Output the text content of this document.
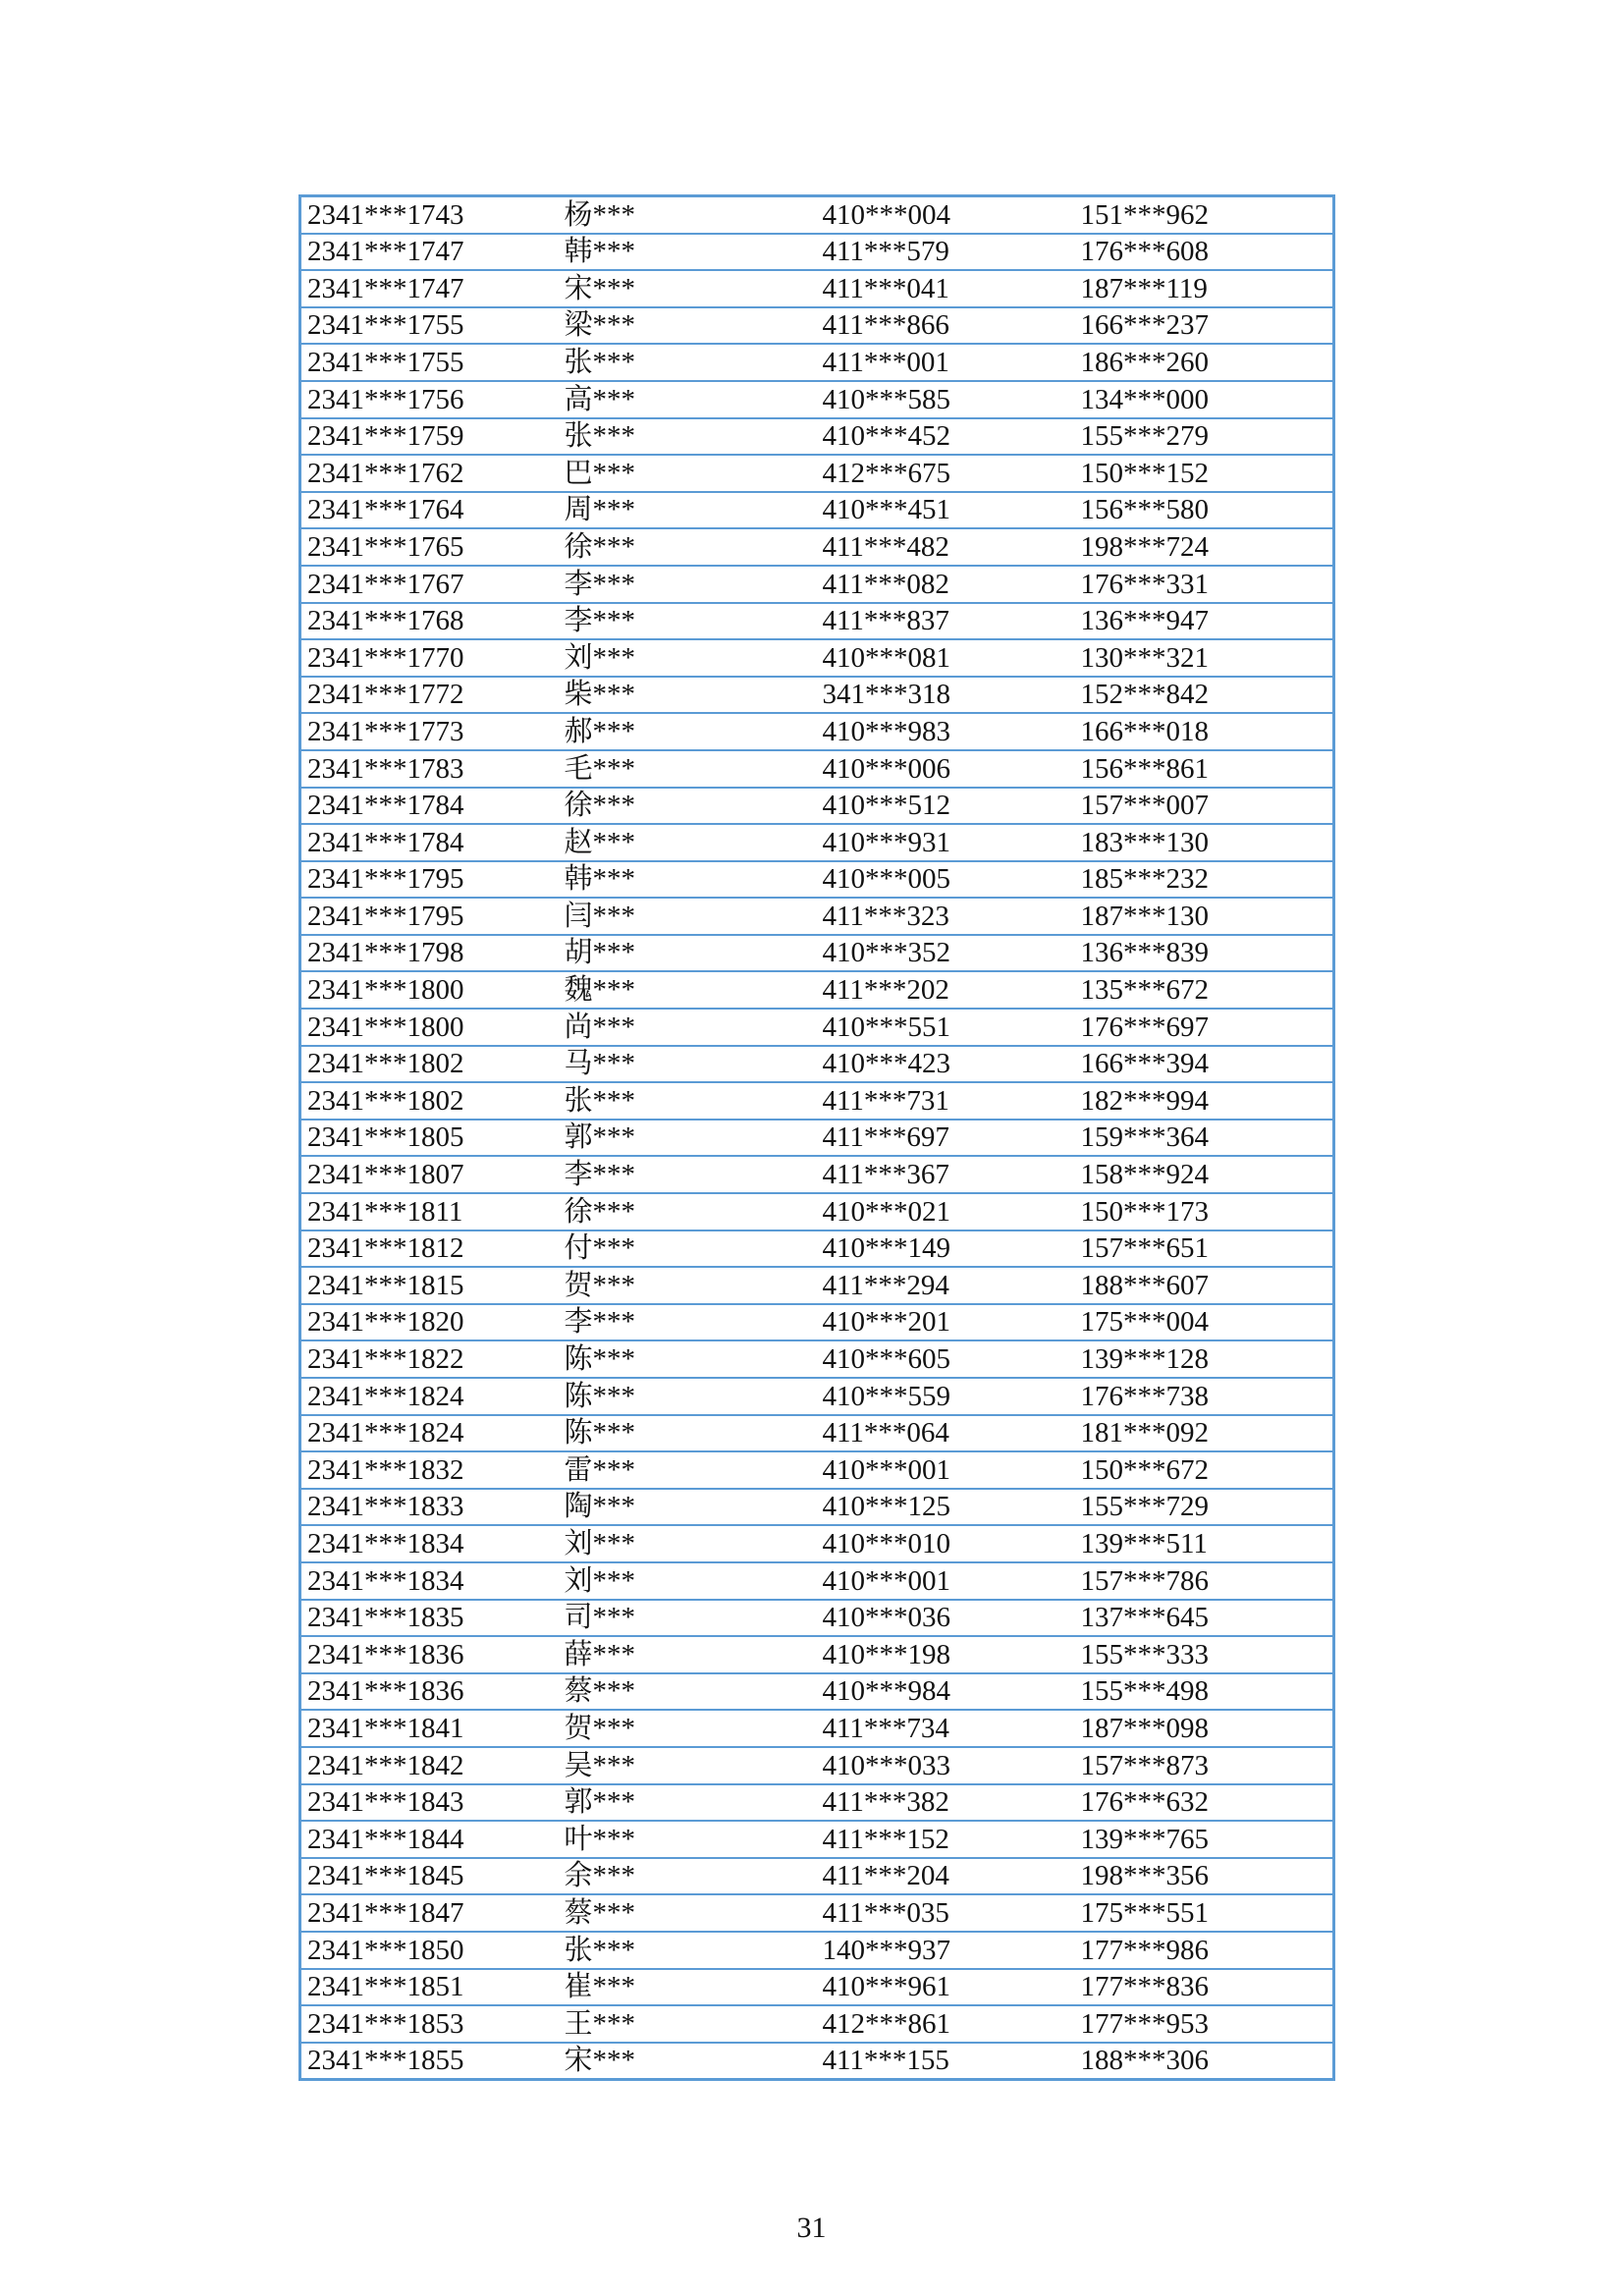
2341***1743	杨***	410***004	151***962
2341***1747	韩***	411***579	176***608
2341***1747	宋***	411***041	187***119
2341***1755	梁***	411***866	166***237
2341***1755	张***	411***001	186***260
2341***1756	高***	410***585	134***000
2341***1759	张***	410***452	155***279
2341***1762	巴***	412***675	150***152
2341***1764	周***	410***451	156***580
2341***1765	徐***	411***482	198***724
2341***1767	李***	411***082	176***331
2341***1768	李***	411***837	136***947
2341***1770	刘***	410***081	130***321
2341***1772	柴***	341***318	152***842
2341***1773	郝***	410***983	166***018
2341***1783	毛***	410***006	156***861
2341***1784	徐***	410***512	157***007
2341***1784	赵***	410***931	183***130
2341***1795	韩***	410***005	185***232
2341***1795	闫***	411***323	187***130
2341***1798	胡***	410***352	136***839
2341***1800	魏***	411***202	135***672
2341***1800	尚***	410***551	176***697
2341***1802	马***	410***423	166***394
2341***1802	张***	411***731	182***994
2341***1805	郭***	411***697	159***364
2341***1807	李***	411***367	158***924
2341***1811	徐***	410***021	150***173
2341***1812	付***	410***149	157***651
2341***1815	贺***	411***294	188***607
2341***1820	李***	410***201	175***004
2341***1822	陈***	410***605	139***128
2341***1824	陈***	410***559	176***738
2341***1824	陈***	411***064	181***092
2341***1832	雷***	410***001	150***672
2341***1833	陶***	410***125	155***729
2341***1834	刘***	410***010	139***511
2341***1834	刘***	410***001	157***786
2341***1835	司***	410***036	137***645
2341***1836	薛***	410***198	155***333
2341***1836	蔡***	410***984	155***498
2341***1841	贺***	411***734	187***098
2341***1842	吴***	410***033	157***873
2341***1843	郭***	411***382	176***632
2341***1844	叶***	411***152	139***765
2341***1845	余***	411***204	198***356
2341***1847	蔡***	411***035	175***551
2341***1850	张***	140***937	177***986
2341***1851	崔***	410***961	177***836
2341***1853	王***	412***861	177***953
2341***1855	宋***	411***155	188***306
31
